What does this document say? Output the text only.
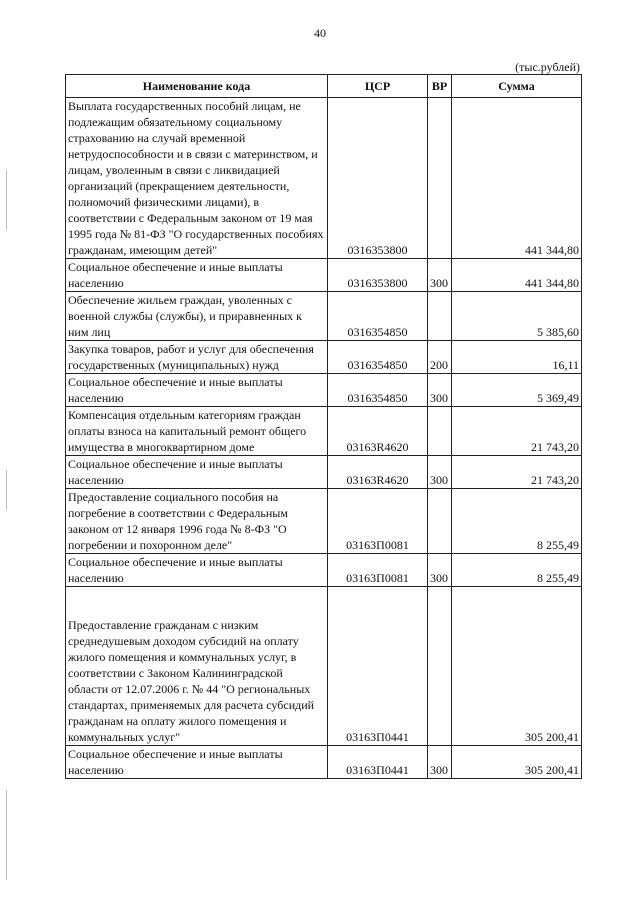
40
(тыс.рублей)
Наименование кода	ЦСР	ВР	Сумма
Выплата государственных пособий лицам, не подлежащим обязательному социальному страхованию на случай временной нетрудоспособности и в связи с материнством, и лицам, уволенным в связи с ликвидацией организаций (прекращением деятельности, полномочий физическими лицами), в соответствии с Федеральным законом от 19 мая 1995 года № 81-ФЗ "О государственных пособиях гражданам, имеющим детей"	0316353800		441 344,80
Социальное обеспечение и иные выплаты населению	0316353800	300	441 344,80
Обеспечение жильем граждан, уволенных с военной службы (службы), и приравненных к ним лиц	0316354850		5 385,60
Закупка товаров, работ и услуг для обеспечения государственных (муниципальных) нужд	0316354850	200	16,11
Социальное обеспечение и иные выплаты населению	0316354850	300	5 369,49
Компенсация отдельным категориям граждан оплаты взноса на капитальный ремонт общего имущества в многоквартирном доме	03163R4620		21 743,20
Социальное обеспечение и иные выплаты населению	03163R4620	300	21 743,20
Предоставление социального пособия на погребение в соответствии с Федеральным законом от 12 января 1996 года № 8-ФЗ "О погребении и похоронном деле"	03163П0081		8 255,49
Социальное обеспечение и иные выплаты населению	03163П0081	300	8 255,49
Предоставление гражданам с низким среднедушевым доходом субсидий на оплату жилого помещения и коммунальных услуг, в соответствии с Законом Калининградской области от 12.07.2006 г. № 44 "О региональных стандартах, применяемых для расчета субсидий гражданам на оплату жилого помещения и коммунальных услуг"	03163П0441		305 200,41
Социальное обеспечение и иные выплаты населению	03163П0441	300	305 200,41
